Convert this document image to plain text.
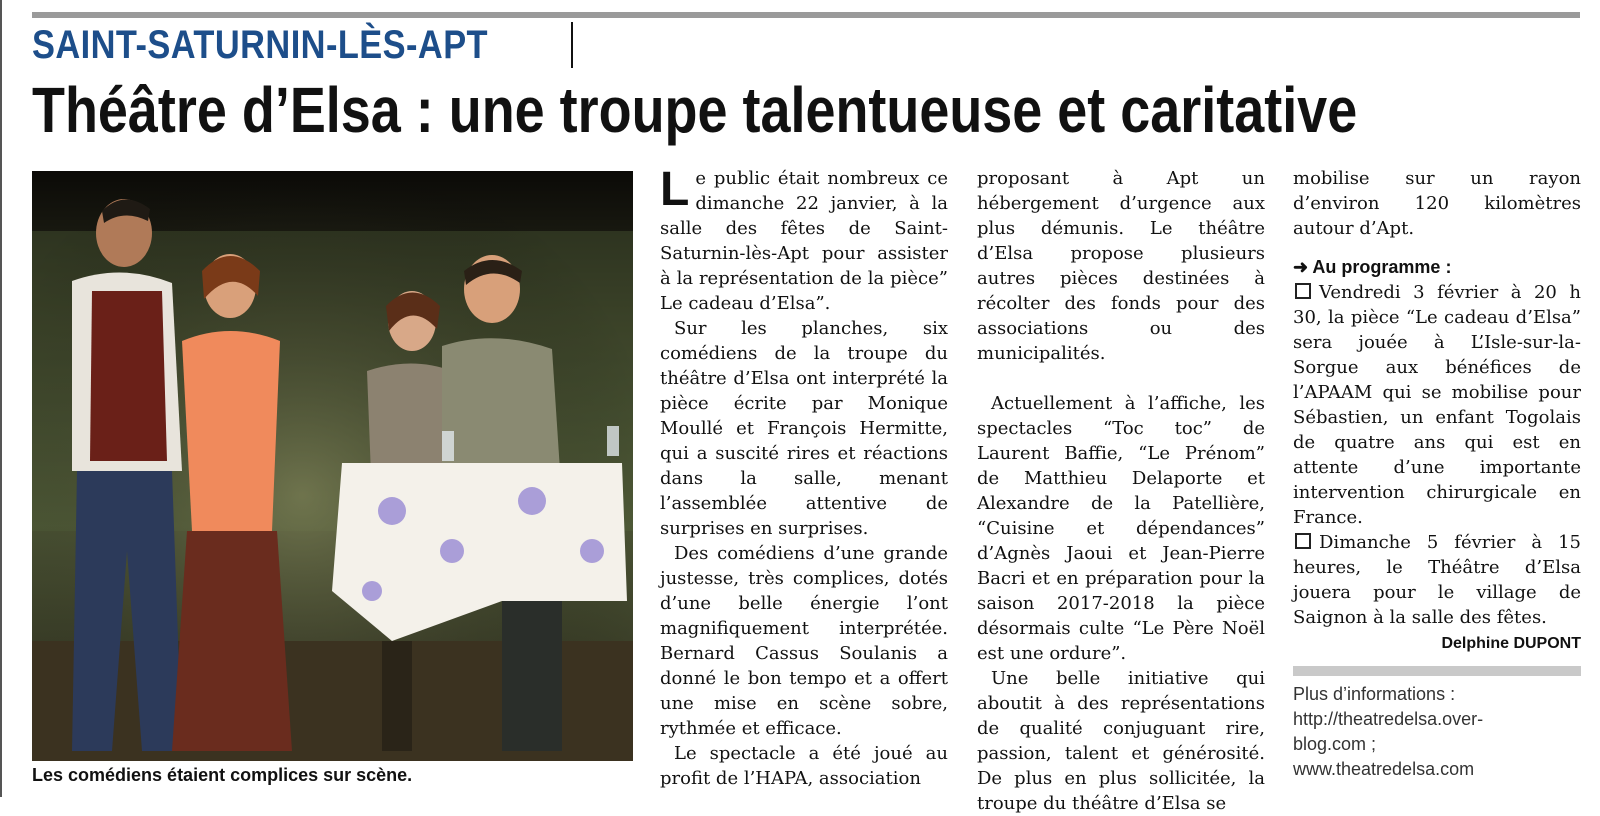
SAINT-SATURNIN-LÈS-APT
Théâtre d’Elsa : une troupe talentueuse et caritative
Les comédiens étaient complices sur scène.

Le public était nombreux ce dimanche 22 janvier, à la salle des fêtes de Saint-Saturnin-lès-Apt pour assister à la représentation de la pièce” Le cadeau d’Elsa”.

Sur les planches, six comédiens de la troupe du théâtre d’Elsa ont interprété la pièce écrite par Monique Moullé et François Hermitte, qui a suscité rires et réactions dans la salle, menant l’assemblée attentive de surprises en surprises.

Des comédiens d’une grande justesse, très complices, dotés d’une belle énergie l’ont magnifiquement interprétée. Bernard Cassus Soulanis a donné le bon tempo et a offert une mise en scène sobre, rythmée et efficace.

Le spectacle a été joué au profit de l’HAPA, association

proposant à Apt un hébergement d’urgence aux plus démunis. Le théâtre d’Elsa propose plusieurs autres pièces destinées à récolter des fonds pour des associations ou des municipalités.

Actuellement à l’affiche, les spectacles “Toc toc” de Laurent Baffie, “Le Prénom” de Matthieu Delaporte et Alexandre de la Patellière, “Cuisine et dépendances” d’Agnès Jaoui et Jean-Pierre Bacri et en préparation pour la saison 2017-2018 la pièce désormais culte “Le Père Noël est une ordure”.

Une belle initiative qui aboutit à des représentations de qualité conjuguant rire, passion, talent et générosité. De plus en plus sollicitée, la troupe du théâtre d’Elsa se

mobilise sur un rayon d’environ 120 kilomètres autour d’Apt.

➜ Au programme :

Vendredi 3 février à 20 h 30, la pièce “Le cadeau d’Elsa” sera jouée à L’Isle-sur-la-Sorgue aux bénéfices de l’APAAM qui se mobilise pour Sébastien, un enfant Togolais de quatre ans qui est en attente d’une importante intervention chirurgicale en France.

Dimanche 5 février à 15 heures, le Théâtre d’Elsa jouera pour le village de Saignon à la salle des fêtes.

Delphine DUPONT

Plus d’informations :

http://theatredelsa.over-

blog.com ;

www.theatredelsa.com
